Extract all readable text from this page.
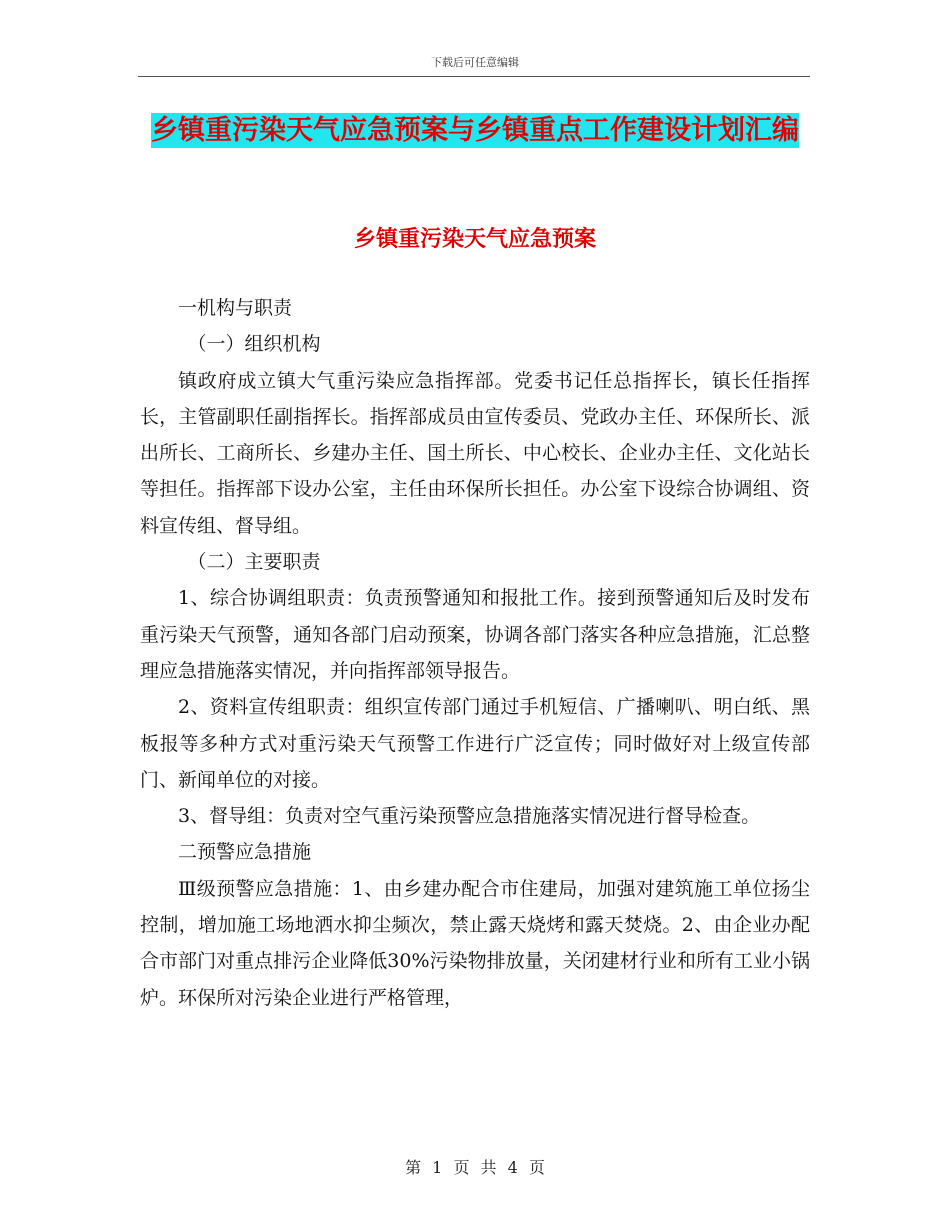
下载后可任意编辑
乡镇重污染天气应急预案与乡镇重点工作建设计划汇编
乡镇重污染天气应急预案

一机构与职责

（一）组织机构

镇政府成立镇大气重污染应急指挥部。党委书记任总指挥长，镇长任指挥长，主管副职任副指挥长。指挥部成员由宣传委员、党政办主任、环保所长、派出所长、工商所长、乡建办主任、国土所长、中心校长、企业办主任、文化站长等担任。指挥部下设办公室，主任由环保所长担任。办公室下设综合协调组、资料宣传组、督导组。

（二）主要职责

1、综合协调组职责：负责预警通知和报批工作。接到预警通知后及时发布重污染天气预警，通知各部门启动预案，协调各部门落实各种应急措施，汇总整理应急措施落实情况，并向指挥部领导报告。

2、资料宣传组职责：组织宣传部门通过手机短信、广播喇叭、明白纸、黑板报等多种方式对重污染天气预警工作进行广泛宣传；同时做好对上级宣传部门、新闻单位的对接。

3、督导组：负责对空气重污染预警应急措施落实情况进行督导检查。

二预警应急措施

Ⅲ级预警应急措施：1、由乡建办配合市住建局，加强对建筑施工单位扬尘控制，增加施工场地洒水抑尘频次，禁止露天烧烤和露天焚烧。2、由企业办配合市部门对重点排污企业降低30%污染物排放量，关闭建材行业和所有工业小锅炉。环保所对污染企业进行严格管理，

第 1 页 共 4 页
